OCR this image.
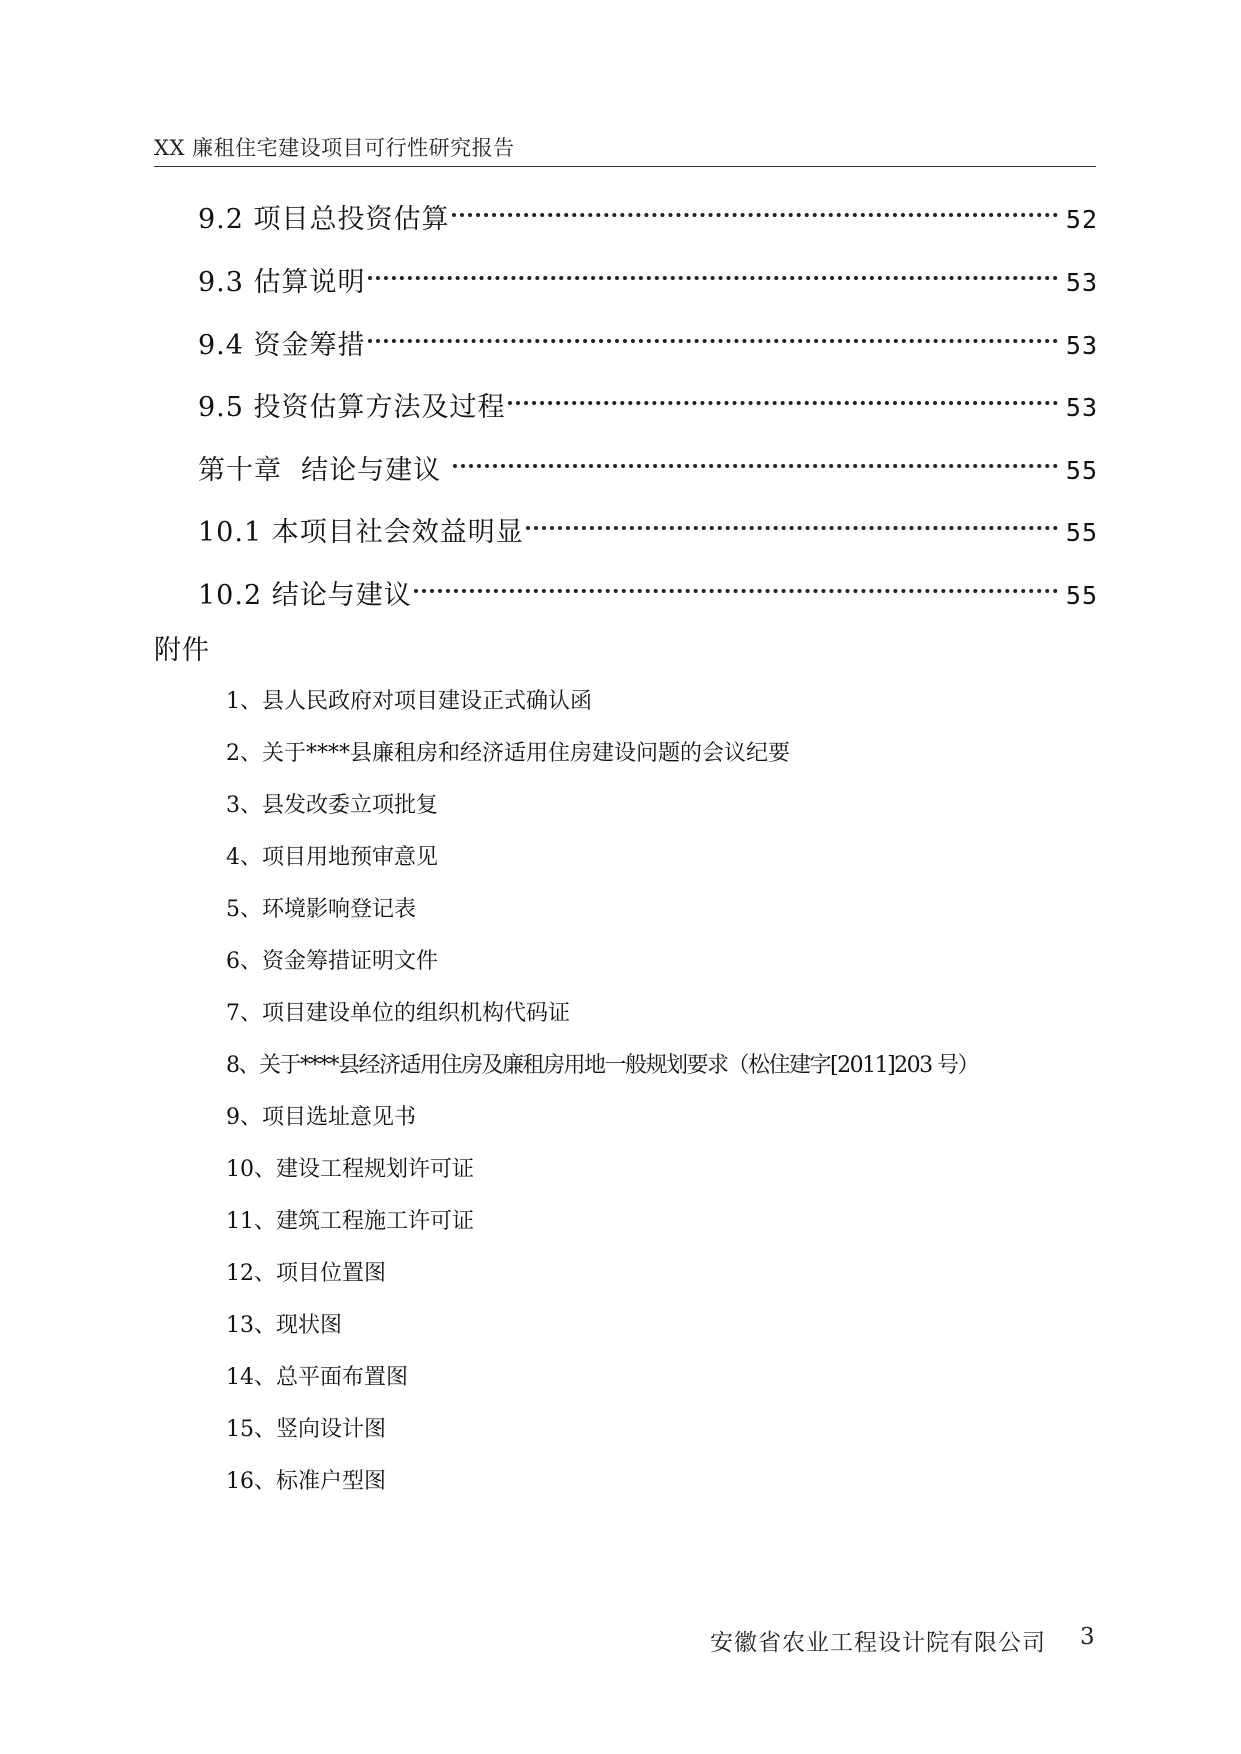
XX 廉租住宅建设项目可行性研究报告
9.2 项目总投资估算	52
9.3 估算说明	53
9.4 资金筹措	53
9.5 投资估算方法及过程	53
第十章  结论与建议	55
10.1 本项目社会效益明显	55
10.2 结论与建议	55
附件
1、县人民政府对项目建设正式确认函
2、关于****县廉租房和经济适用住房建设问题的会议纪要
3、县发改委立项批复
4、项目用地预审意见
5、环境影响登记表
6、资金筹措证明文件
7、项目建设单位的组织机构代码证
8、关于****县经济适用住房及廉租房用地一般规划要求（松住建字[2011]203 号）
9、项目选址意见书
10、建设工程规划许可证
11、建筑工程施工许可证
12、项目位置图
13、现状图
14、总平面布置图
15、竖向设计图
16、标准户型图
安徽省农业工程设计院有限公司 3
